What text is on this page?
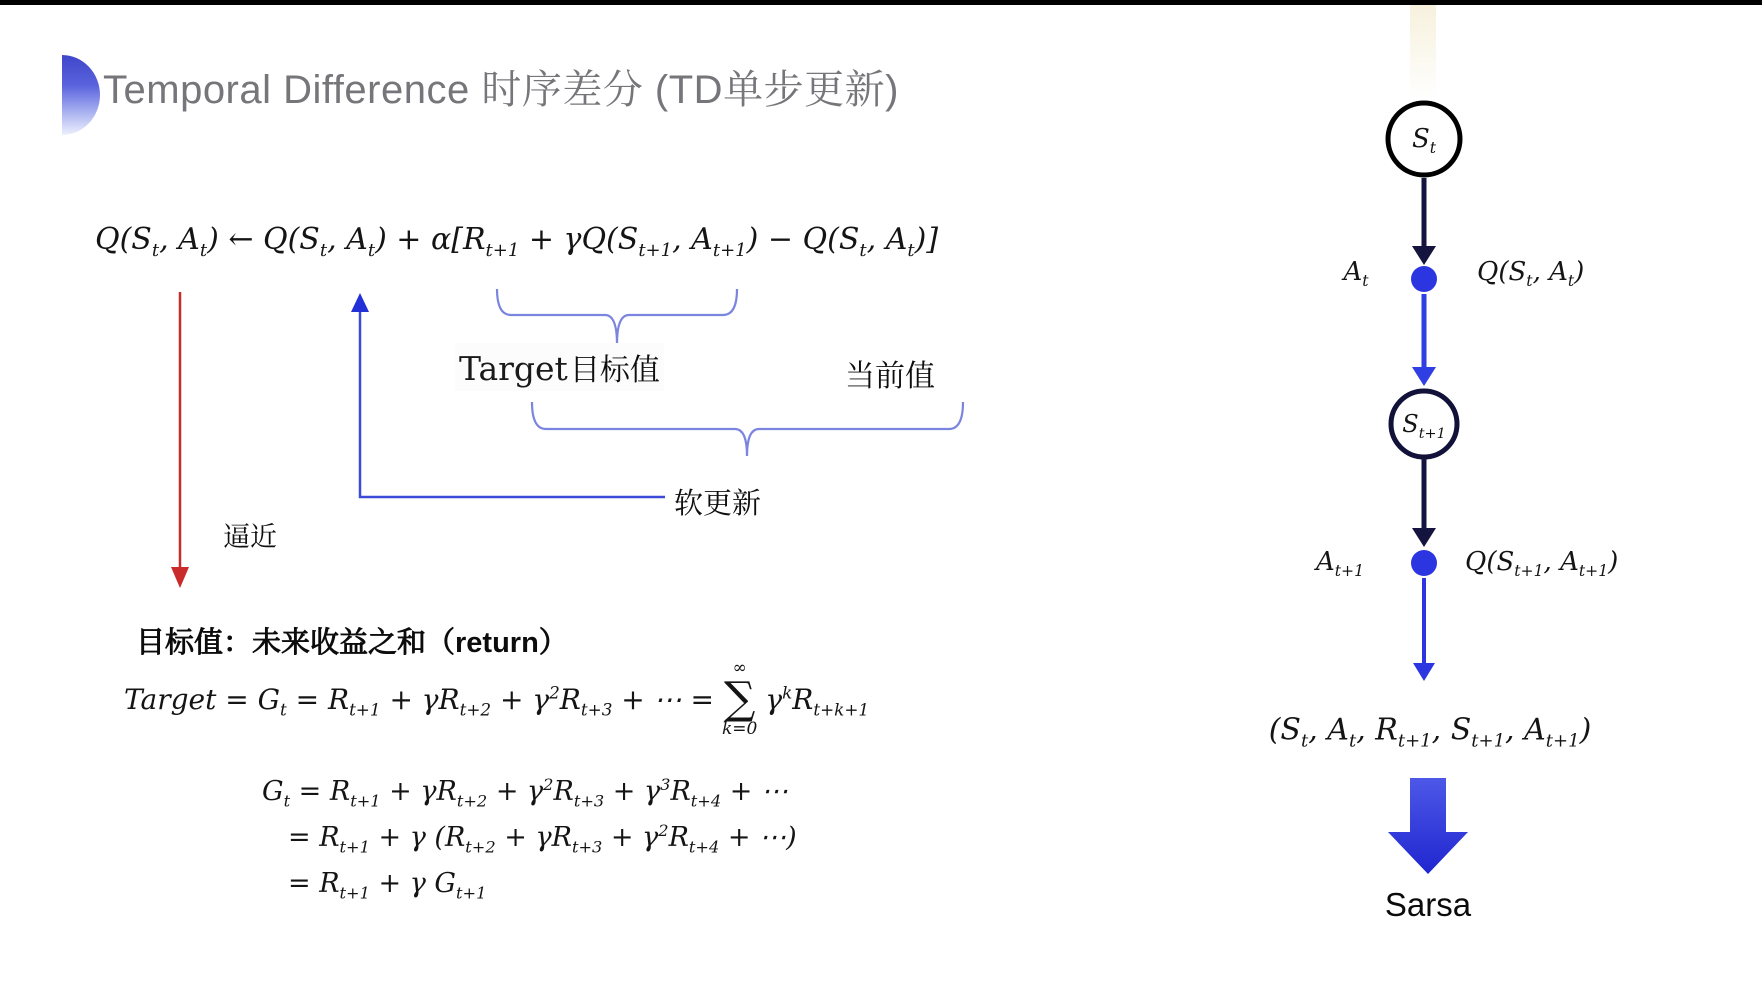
Temporal Difference 时序差分 (TD单步更新)
$Q(S_t$, $A_t$) ← $Q(S_t$, $A_t) + \alpha[R_{t+1} + \gamma Q(S_{t+1}$, $A_{t+1}) - Q(S_t$, $A_t$)]
Target目标值	当前值
软更新
逼近
目标值：未来收益之和（return）
Target = $G_t = R_{t+1} + \gamma R_{t+2} + \gamma^2R_{t+3}$ + ⋯ =
∞
∑
k=0
$\gamma^kR_{t+k+1}$
$G_t = R_{t+1} + \gamma R_{t+2} + \gamma^2R_{t+3} + \gamma^3R_{t+4}$ + ⋯
= $R_{t+1} + \gamma$ ($R_{t+2} + \gamma R_{t+3} + \gamma^2R_{t+4}$ + ⋯)
= $R_{t+1} + \gamma$ $G_{t+1}$
$S_t$
$A_t$	$Q(S_t$, $A_t$)
$S_{t+1}$
$A_{t+1}$	$Q(S_{t+1}$, $A_{t+1}$)
($S_t$, $A_t$, $R_{t+1}$, $S_{t+1}$, $A_{t+1}$)
Sarsa
